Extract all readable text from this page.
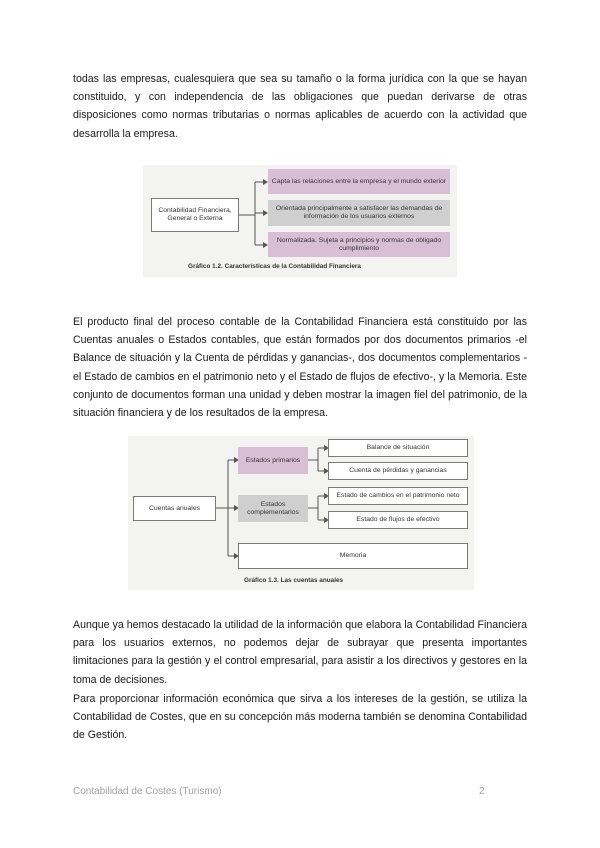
todas las empresas, cualesquiera que sea su tamaño o la forma jurídica con la que se hayan constituido, y con independencia de las obligaciones que puedan derivarse de otras disposiciones como normas tributarias o normas aplicables de acuerdo con la actividad que desarrolla la empresa.

Contabilidad Financiera, General o Externa
Capta las relaciones entre la empresa y el mundo exterior
Orientada principalmente a satisfacer las demandas de información de los usuarios externos
Normalizada. Sujeta a principios y normas de obligado cumplimiento
Gráfico 1.2. Características de la Contabilidad Financiera

El producto final del proceso contable de la Contabilidad Financiera está constituido por las Cuentas anuales o Estados contables, que están formados por dos documentos primarios -el Balance de situación y la Cuenta de pérdidas y ganancias-, dos documentos complementarios -el Estado de cambios en el patrimonio neto y el Estado de flujos de efectivo-, y la Memoria. Este conjunto de documentos forman una unidad y deben mostrar la imagen fiel del patrimonio, de la situación financiera y de los resultados de la empresa.

Cuentas anuales
Estados primarios
Estados complementarios
Balance de situación
Cuenta de pérdidas y ganancias
Estado de cambios en el patrimonio neto
Estado de flujos de efectivo
Memoria
Gráfico 1.3. Las cuentas anuales

Aunque ya hemos destacado la utilidad de la información que elabora la Contabilidad Financiera para los usuarios externos, no podemos dejar de subrayar que presenta importantes limitaciones para la gestión y el control empresarial, para asistir a los directivos y gestores en la toma de decisiones.

Para proporcionar información económica que sirva a los intereses de la gestión, se utiliza la Contabilidad de Costes, que en su concepción más moderna también se denomina Contabilidad de Gestión.

Contabilidad de Costes (Turismo)	2
